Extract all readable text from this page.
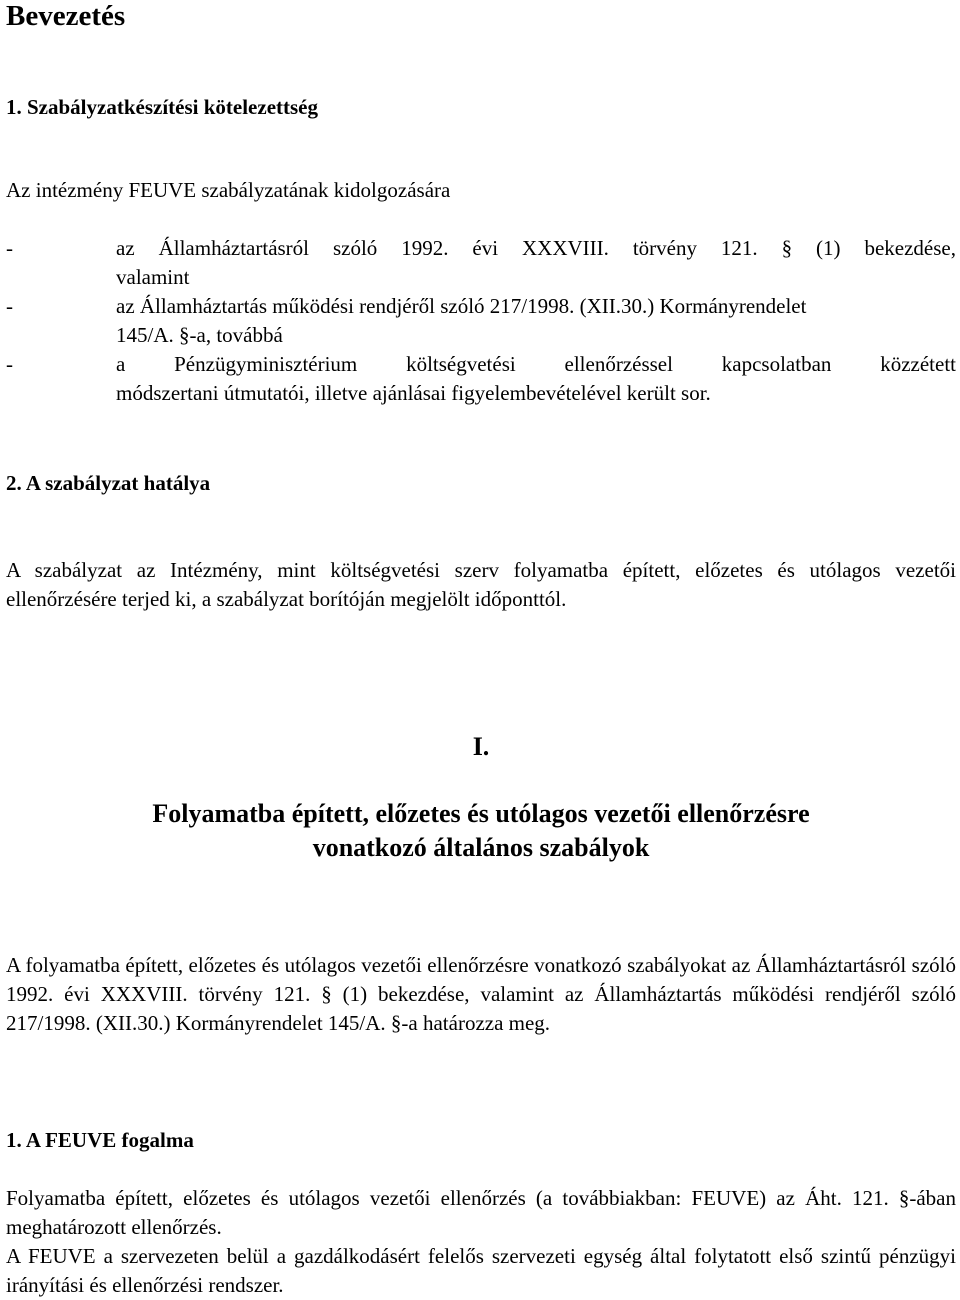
Bevezetés
1. Szabályzatkészítési kötelezettség

Az intézmény FEUVE szabályzatának kidolgozására

-	az Államháztartásról szóló 1992. évi XXXVIII. törvény 121. § (1) bekezdése,
valamint
-	az Államháztartás működési rendjéről szóló 217/1998. (XII.30.) Kormányrendelet
145/A. §-a, továbbá
-	a Pénzügyminisztérium költségvetési ellenőrzéssel kapcsolatban közzétett
módszertani útmutatói, illetve ajánlásai figyelembevételével került sor.
2. A szabályzat hatálya

A szabályzat az Intézmény, mint költségvetési szerv folyamatba épített, előzetes és utólagos vezetői ellenőrzésére terjed ki, a szabályzat borítóján megjelölt időponttól.

I.
Folyamatba épített, előzetes és utólagos vezetői ellenőrzésre
vonatkozó általános szabályok

A folyamatba épített, előzetes és utólagos vezetői ellenőrzésre vonatkozó szabályokat az Államháztartásról szóló 1992. évi XXXVIII. törvény 121. § (1) bekezdése, valamint az Államháztartás működési rendjéről szóló 217/1998. (XII.30.) Kormányrendelet 145/A. §-a határozza meg.

1. A FEUVE fogalma

Folyamatba épített, előzetes és utólagos vezetői ellenőrzés (a továbbiakban: FEUVE) az Áht. 121. §-ában meghatározott ellenőrzés.

A FEUVE a szervezeten belül a gazdálkodásért felelős szervezeti egység által folytatott első szintű pénzügyi irányítási és ellenőrzési rendszer.
